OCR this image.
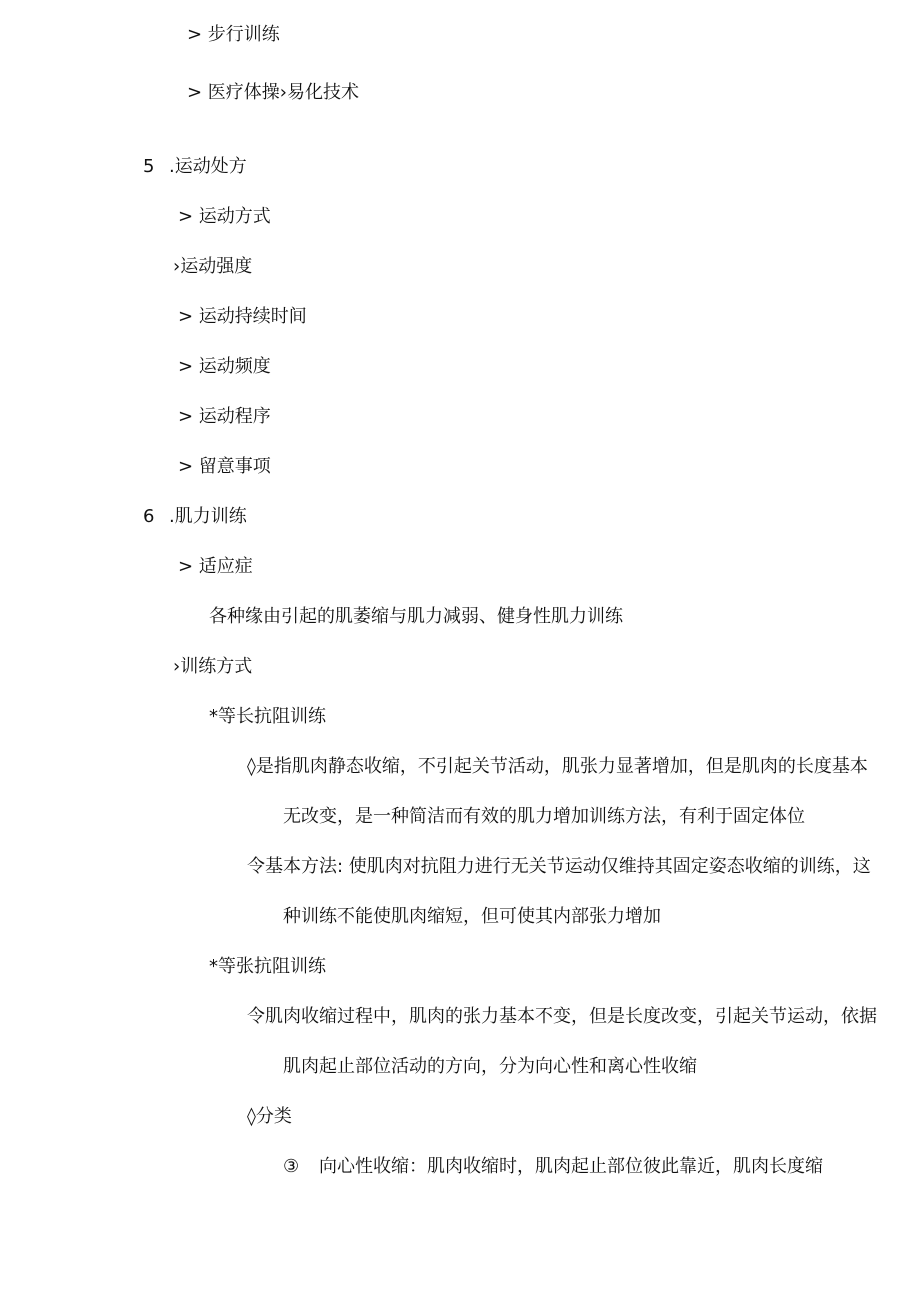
> 步行训练
> 医疗体操›易化技术
5 .运动处方
> 运动方式
›运动强度
> 运动持续时间
> 运动频度
> 运动程序
> 留意事项
6 .肌力训练
> 适应症
各种缘由引起的肌萎缩与肌力减弱、健身性肌力训练
›训练方式
*等长抗阻训练
◊是指肌肉静态收缩，不引起关节活动，肌张力显著增加，但是肌肉的长度基本
无改变，是一种简洁而有效的肌力增加训练方法，有利于固定体位
令基本方法: 使肌肉对抗阻力进行无关节运动仅维持其固定姿态收缩的训练，这
种训练不能使肌肉缩短，但可使其内部张力增加
*等张抗阻训练
令肌肉收缩过程中，肌肉的张力基本不变，但是长度改变，引起关节运动，依据
肌肉起止部位活动的方向，分为向心性和离心性收缩
◊分类
③ 向心性收缩：肌肉收缩时，肌肉起止部位彼此靠近，肌肉长度缩
